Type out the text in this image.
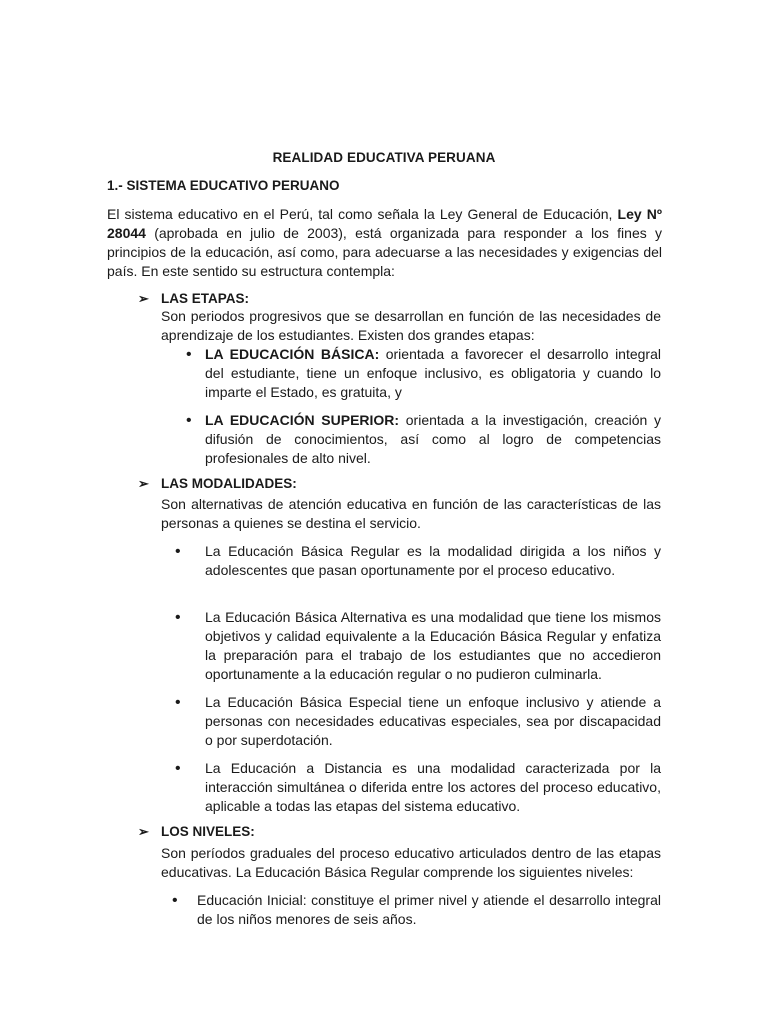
REALIDAD EDUCATIVA PERUANA
1.- SISTEMA EDUCATIVO PERUANO

El sistema educativo en el Perú, tal como señala la Ley General de Educación, Ley Nº 28044 (aprobada en julio de 2003), está organizada para responder a los fines y principios de la educación, así como, para adecuarse a las necesidades y exigencias del país. En este sentido su estructura contempla:

➢ LAS ETAPAS:

Son periodos progresivos que se desarrollan en función de las necesidades de aprendizaje de los estudiantes. Existen dos grandes etapas:

• LA EDUCACIÓN BÁSICA: orientada a favorecer el desarrollo integral del estudiante, tiene un enfoque inclusivo, es obligatoria y cuando lo imparte el Estado, es gratuita, y

• LA EDUCACIÓN SUPERIOR: orientada a la investigación, creación y difusión de conocimientos, así como al logro de competencias profesionales de alto nivel.

➢ LAS MODALIDADES:

Son alternativas de atención educativa en función de las características de las personas a quienes se destina el servicio.

• La Educación Básica Regular es la modalidad dirigida a los niños y adolescentes que pasan oportunamente por el proceso educativo.

• La Educación Básica Alternativa es una modalidad que tiene los mismos objetivos y calidad equivalente a la Educación Básica Regular y enfatiza la preparación para el trabajo de los estudiantes que no accedieron oportunamente a la educación regular o no pudieron culminarla.

• La Educación Básica Especial tiene un enfoque inclusivo y atiende a personas con necesidades educativas especiales, sea por discapacidad o por superdotación.

• La Educación a Distancia es una modalidad caracterizada por la interacción simultánea o diferida entre los actores del proceso educativo, aplicable a todas las etapas del sistema educativo.

➢ LOS NIVELES:

Son períodos graduales del proceso educativo articulados dentro de las etapas educativas. La Educación Básica Regular comprende los siguientes niveles:

• Educación Inicial: constituye el primer nivel y atiende el desarrollo integral de los niños menores de seis años.
